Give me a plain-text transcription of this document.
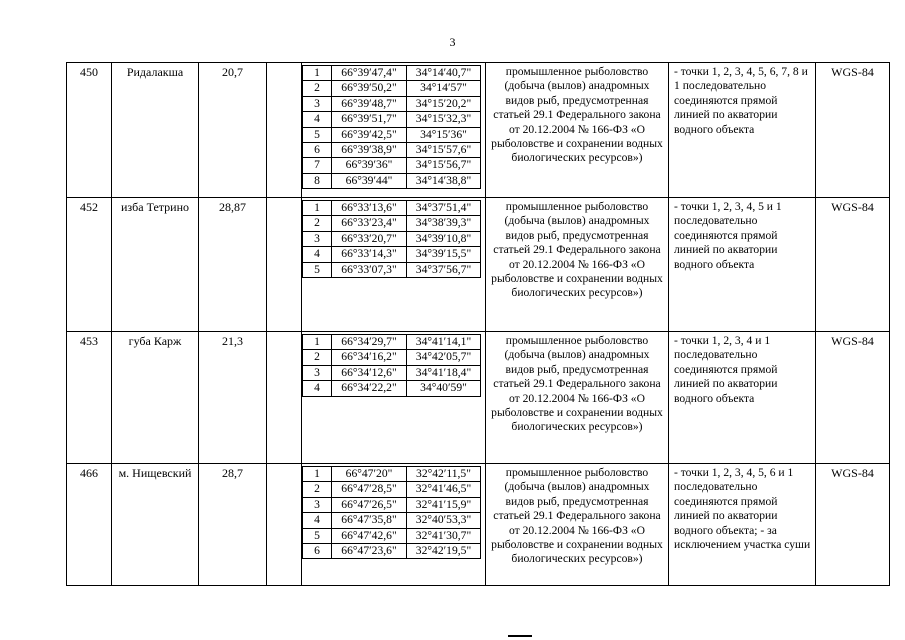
3
450	Ридалакша	20,7			1	66°39′47,4"	34°14′40,7"
2	66°39′50,2"	34°14′57"
3	66°39′48,7"	34°15′20,2"
4	66°39′51,7"	34°15′32,3"
5	66°39′42,5"	34°15′36"
6	66°39′38,9"	34°15′57,6"
7	66°39′36"	34°15′56,7"
8	66°39′44"	34°14′38,8"
	промышленное рыболовство (добыча (вылов) анадромных видов рыб, предусмотренная статьей 29.1 Федерального закона от 20.12.2004 № 166-ФЗ «О рыболовстве и сохранении водных биологических ресурсов»)	- точки 1, 2, 3, 4, 5, 6, 7, 8 и 1 последовательно соединяются прямой линией по акватории водного объекта	WGS-84
452	изба Тетрино	28,87			1	66°33′13,6"	34°37′51,4"
2	66°33′23,4"	34°38′39,3"
3	66°33′20,7"	34°39′10,8"
4	66°33′14,3"	34°39′15,5"
5	66°33′07,3"	34°37′56,7"
	промышленное рыболовство (добыча (вылов) анадромных видов рыб, предусмотренная статьей 29.1 Федерального закона от 20.12.2004 № 166-ФЗ «О рыболовстве и сохранении водных биологических ресурсов»)	- точки 1, 2, 3, 4, 5 и 1 последовательно соединяются прямой линией по акватории водного объекта	WGS-84
453	губа Карж	21,3			1	66°34′29,7"	34°41′14,1"
2	66°34′16,2"	34°42′05,7"
3	66°34′12,6"	34°41′18,4"
4	66°34′22,2"	34°40′59"
	промышленное рыболовство (добыча (вылов) анадромных видов рыб, предусмотренная статьей 29.1 Федерального закона от 20.12.2004 № 166-ФЗ «О рыболовстве и сохранении водных биологических ресурсов»)	- точки 1, 2, 3, 4 и 1 последовательно соединяются прямой линией по акватории водного объекта	WGS-84
466	м. Нищевский	28,7			1	66°47′20"	32°42′11,5"
2	66°47′28,5"	32°41′46,5"
3	66°47′26,5"	32°41′15,9"
4	66°47′35,8"	32°40′53,3"
5	66°47′42,6"	32°41′30,7"
6	66°47′23,6"	32°42′19,5"
	промышленное рыболовство (добыча (вылов) анадромных видов рыб, предусмотренная статьей 29.1 Федерального закона от 20.12.2004 № 166-ФЗ «О рыболовстве и сохранении водных биологических ресурсов»)	- точки 1, 2, 3, 4, 5, 6 и 1 последовательно соединяются прямой линией по акватории водного объекта; - за исключением участка суши	WGS-84
